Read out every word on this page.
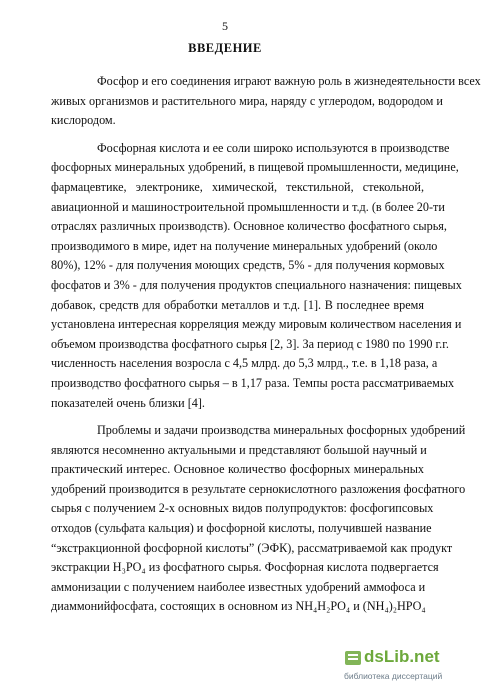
5
ВВЕДЕНИЕ
Фосфор и его соединения играют важную роль в жизнедеятельности всех
живых организмов и растительного мира, наряду с углеродом, водородом и
кислородом.
Фосфорная кислота и ее соли широко используются в производстве
фосфорных минеральных удобрений, в пищевой промышленности, медицине,
фармацевтике, электронике, химической, текстильной, стекольной,
авиационной и машиностроительной промышленности и т.д. (в более 20-ти
отраслях различных производств). Основное количество фосфатного сырья,
производимого в мире, идет на получение минеральных удобрений (около
80%), 12% - для получения моющих средств, 5% - для получения кормовых
фосфатов и 3% - для получения продуктов специального назначения: пищевых
добавок, средств для обработки металлов и т.д. [1]. В последнее время
установлена интересная корреляция между мировым количеством населения и
объемом производства фосфатного сырья [2, 3]. За период с 1980 по 1990 г.г.
численность населения возросла с 4,5 млрд. до 5,3 млрд., т.е. в 1,18 раза, а
производство фосфатного сырья – в 1,17 раза. Темпы роста рассматриваемых
показателей очень близки [4].
Проблемы и задачи производства минеральных фосфорных удобрений
являются несомненно актуальными и представляют большой научный и
практический интерес. Основное количество фосфорных минеральных
удобрений производится в результате сернокислотного разложения фосфатного
сырья с получением 2-х основных видов полупродуктов: фосфогипсовых
отходов (сульфата кальция) и фосфорной кислоты, получившей название
“экстракционной фосфорной кислоты” (ЭФК), рассматриваемой как продукт
экстракции H₃PO₄ из фосфатного сырья. Фосфорная кислота подвергается
аммонизации с получением наиболее известных удобрений аммофоса и
диаммонийфосфата, состоящих в основном из NH₄H₂PO₄ и (NH₄)₂HPO₄
dsLib.net
библиотека диссертаций
